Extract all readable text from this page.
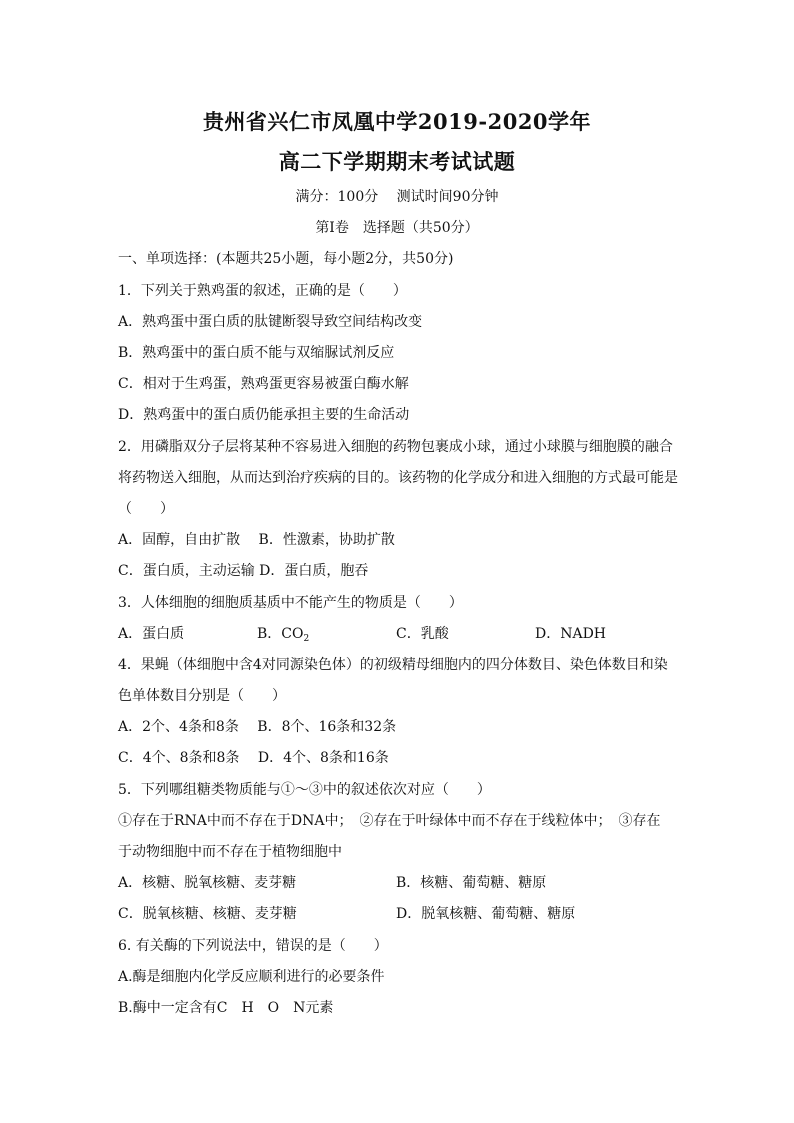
贵州省兴仁市凤凰中学2019-2020学年
高二下学期期末考试试题
满分：100分　 测试时间90分钟
第Ⅰ卷　选择题（共50分）
一、单项选择：(本题共25小题，每小题2分，共50分)
1．下列关于熟鸡蛋的叙述，正确的是（　　）
A．熟鸡蛋中蛋白质的肽键断裂导致空间结构改变
B．熟鸡蛋中的蛋白质不能与双缩脲试剂反应
C．相对于生鸡蛋，熟鸡蛋更容易被蛋白酶水解
D．熟鸡蛋中的蛋白质仍能承担主要的生命活动
2．用磷脂双分子层将某种不容易进入细胞的药物包裹成小球，通过小球膜与细胞膜的融合
将药物送入细胞，从而达到治疗疾病的目的。该药物的化学成分和进入细胞的方式最可能是
（　　）
A．固醇，自由扩散　 B．性激素，协助扩散
C．蛋白质，主动运输 D．蛋白质，胞吞
3．人体细胞的细胞质基质中不能产生的物质是（　　）
A．蛋白质	B．$CO_2$	C．乳酸	D．NADH
4．果蝇（体细胞中含4对同源染色体）的初级精母细胞内的四分体数目、染色体数目和染
色单体数目分别是（　　）
A．2个、4条和8条　 B．8个、16条和32条
C．4个、8条和8条　 D．4个、8条和16条
5．下列哪组糖类物质能与①～③中的叙述依次对应（　　）
①存在于RNA中而不存在于DNA中；　②存在于叶绿体中而不存在于线粒体中；　③存在
于动物细胞中而不存在于植物细胞中
A．核糖、脱氧核糖、麦芽糖	B．核糖、葡萄糖、糖原
C．脱氧核糖、核糖、麦芽糖	D．脱氧核糖、葡萄糖、糖原
6. 有关酶的下列说法中，错误的是（　　）
A.酶是细胞内化学反应顺利进行的必要条件
B.酶中一定含有C　H　O　N元素
